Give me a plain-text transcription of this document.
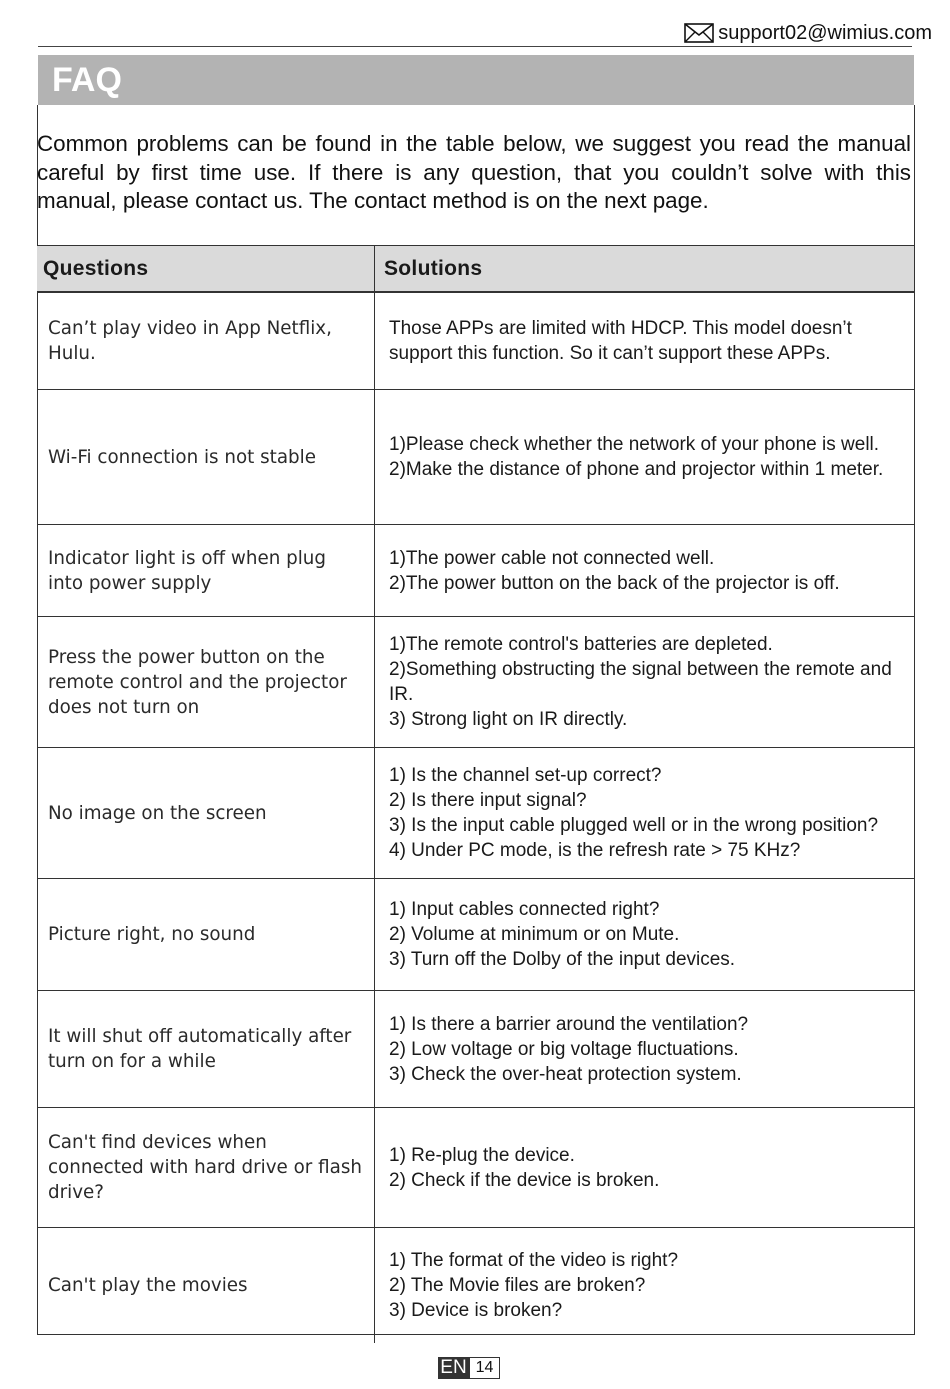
support02@wimius.com
FAQ
Common problems can be found in the table below, we suggest you read the manual careful by first time use. If there is any question, that you couldn’t solve with this manual, please contact us. The contact method is on the next page.
Questions	Solutions
Can’t play video in App Netflix, Hulu.
Those APPs are limited with HDCP. This model doesn’t support this function. So it can’t support these APPs.
Wi-Fi connection is not stable
1)Please check whether the network of your phone is well.
2)Make the distance of phone and projector within 1 meter.
Indicator light is off when plug into power supply
1)The power cable not connected well.
2)The power button on the back of the projector is off.
Press the power button on the remote control and the projector does not turn on
1)The remote control's batteries are depleted.
2)Something obstructing the signal between the remote and IR.
3) Strong light on IR directly.
No image on the screen
1) Is the channel set-up correct?
2) Is there input signal?
3) Is the input cable plugged well or in the wrong position?
4) Under PC mode, is the refresh rate > 75 KHz?
Picture right, no sound
1) Input cables connected right?
2) Volume at minimum or on Mute.
3) Turn off the Dolby of the input devices.
It will shut off automatically after turn on for a while
1) Is there a barrier around the ventilation?
2) Low voltage or big voltage fluctuations.
3) Check the over-heat protection system.
Can't find devices when connected with hard drive or flash drive?
1) Re-plug the device.
2) Check if the device is broken.
Can't play the movies
1) The format of the video is right?
2) The Movie files are broken?
3) Device is broken?
EN 14
